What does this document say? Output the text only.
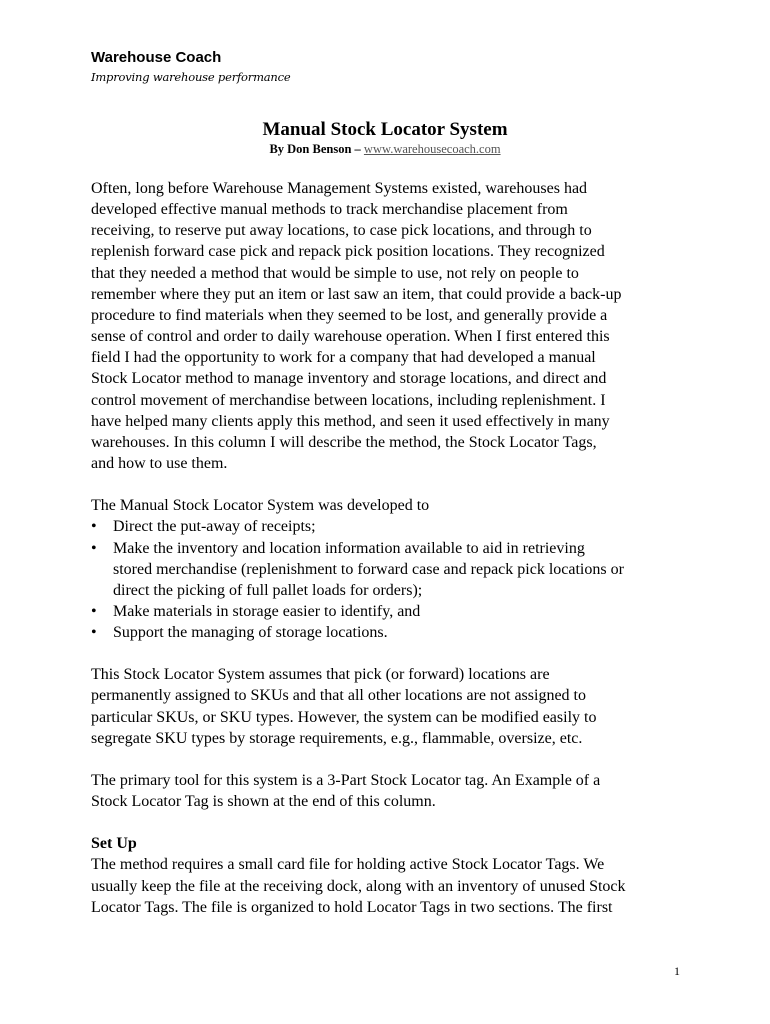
Warehouse Coach
Improving warehouse performance
Manual Stock Locator System
By Don Benson – www.warehousecoach.com

Often, long before Warehouse Management Systems existed, warehouses had

developed effective manual methods to track merchandise placement from

receiving, to reserve put away locations, to case pick locations, and through to

replenish forward case pick and repack pick position locations. They recognized

that they needed a method that would be simple to use, not rely on people to

remember where they put an item or last saw an item, that could provide a back-up

procedure to find materials when they seemed to be lost, and generally provide a

sense of control and order to daily warehouse operation. When I first entered this

field I had the opportunity to work for a company that had developed a manual

Stock Locator method to manage inventory and storage locations, and direct and

control movement of merchandise between locations, including replenishment. I

have helped many clients apply this method, and seen it used effectively in many

warehouses. In this column I will describe the method, the Stock Locator Tags,

and how to use them.

The Manual Stock Locator System was developed to

• Direct the put-away of receipts;
• Make the inventory and location information available to aid in retrieving
stored merchandise (replenishment to forward case and repack pick locations or
direct the picking of full pallet loads for orders);
• Make materials in storage easier to identify, and
• Support the managing of storage locations.

This Stock Locator System assumes that pick (or forward) locations are

permanently assigned to SKUs and that all other locations are not assigned to

particular SKUs, or SKU types. However, the system can be modified easily to

segregate SKU types by storage requirements, e.g., flammable, oversize, etc.

The primary tool for this system is a 3-Part Stock Locator tag. An Example of a

Stock Locator Tag is shown at the end of this column.

Set Up

The method requires a small card file for holding active Stock Locator Tags. We

usually keep the file at the receiving dock, along with an inventory of unused Stock

Locator Tags. The file is organized to hold Locator Tags in two sections. The first

1
